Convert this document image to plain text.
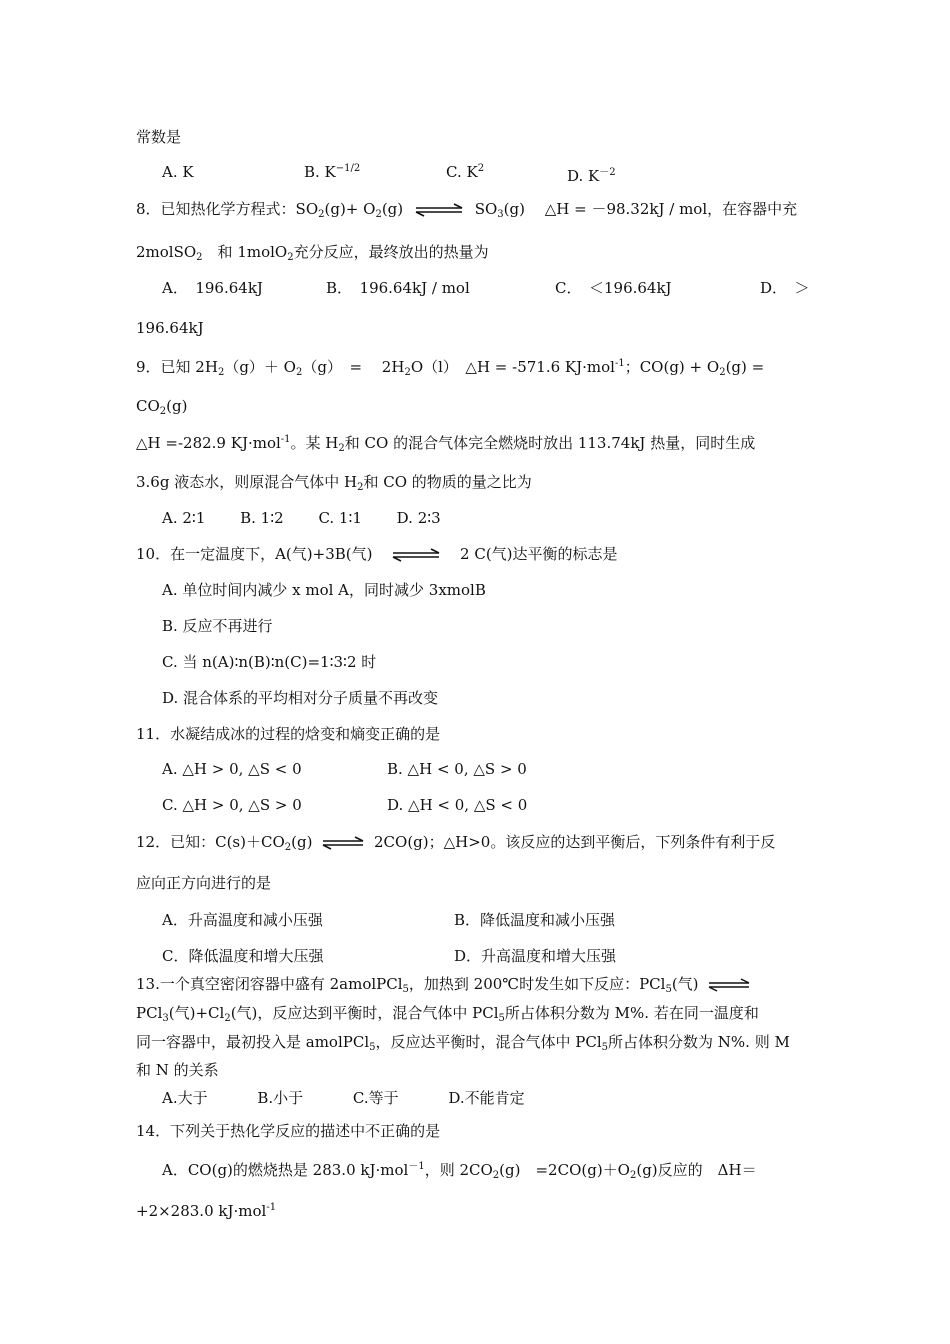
常数是
A. K	B. $K^{-1/2}$	C. $K^2$	D. $K^{-2}$
8．已知热化学方程式：$SO_2(g)+ O_2(g)$ ⇌ $SO_3(g)$　 △H = －98.32kJ / mol，在容器中充
2molSO$_2$　和 1molO$_2$充分反应，最终放出的热量为
A．　196.64kJ	B．　196.64kJ / mol	C．　＜196.64kJ	D．　＞
196.64kJ
9．已知 $2H_2(g)+ O_2(g)$　=　 $2H_2O(l)$　△H = -571.6 KJ·mol$^{-1}$；$CO(g) + O_2(g)$ =
$CO_2(g)$
△H =-282.9 KJ·mol$^{-1}$。某 $H_2$和 CO 的混合气体完全燃烧时放出 113.74kJ 热量，同时生成
3.6g 液态水，则原混合气体中 $H_2$和 CO 的物质的量之比为
A. 2∶1　　 B. 1∶2　　 C. 1∶1　　 D. 2∶3
10．在一定温度下，A(气)+3B(气) ⇌ 2 C(气)达平衡的标志是
A. 单位时间内减少 x mol A，同时减少 3xmolB
B. 反应不再进行
C. 当 n(A)∶n(B)∶n(C)=1∶3∶2 时
D. 混合体系的平均相对分子质量不再改变
11．水凝结成冰的过程的焓变和熵变正确的是
A. △H > 0, △S < 0	B. △H < 0, △S > 0
C. △H > 0, △S > 0	D. △H < 0, △S < 0
12．已知：$C(s)+CO_2(g)$ ⇌ 2CO(g)；△H>0。该反应的达到平衡后，下列条件有利于反
应向正方向进行的是
A．升高温度和减小压强	B．降低温度和减小压强
C．降低温度和增大压强	D．升高温度和增大压强
13.一个真空密闭容器中盛有 2amolPCl$_5$，加热到 200℃时发生如下反应：PCl$_5$(气) ⇌
PCl$_3$(气)$+Cl_2$(气)，反应达到平衡时，混合气体中 PCl$_5$所占体积分数为 M%. 若在同一温度和
同一容器中，最初投入是 amolPCl$_5$，反应达平衡时，混合气体中 PCl$_5$所占体积分数为 N%. 则 M
和 N 的关系
A.大于　　　 B.小于　　　 C.等于　　　 D.不能肯定
14．下列关于热化学反应的描述中不正确的是
A．CO(g)的燃烧热是 283.0 kJ·mol$^{-1}$，则 $2CO_2(g)$　$=2CO(g)+O_2(g)$反应的　ΔH＝
+2×283.0 kJ·mol$^{-1}$
